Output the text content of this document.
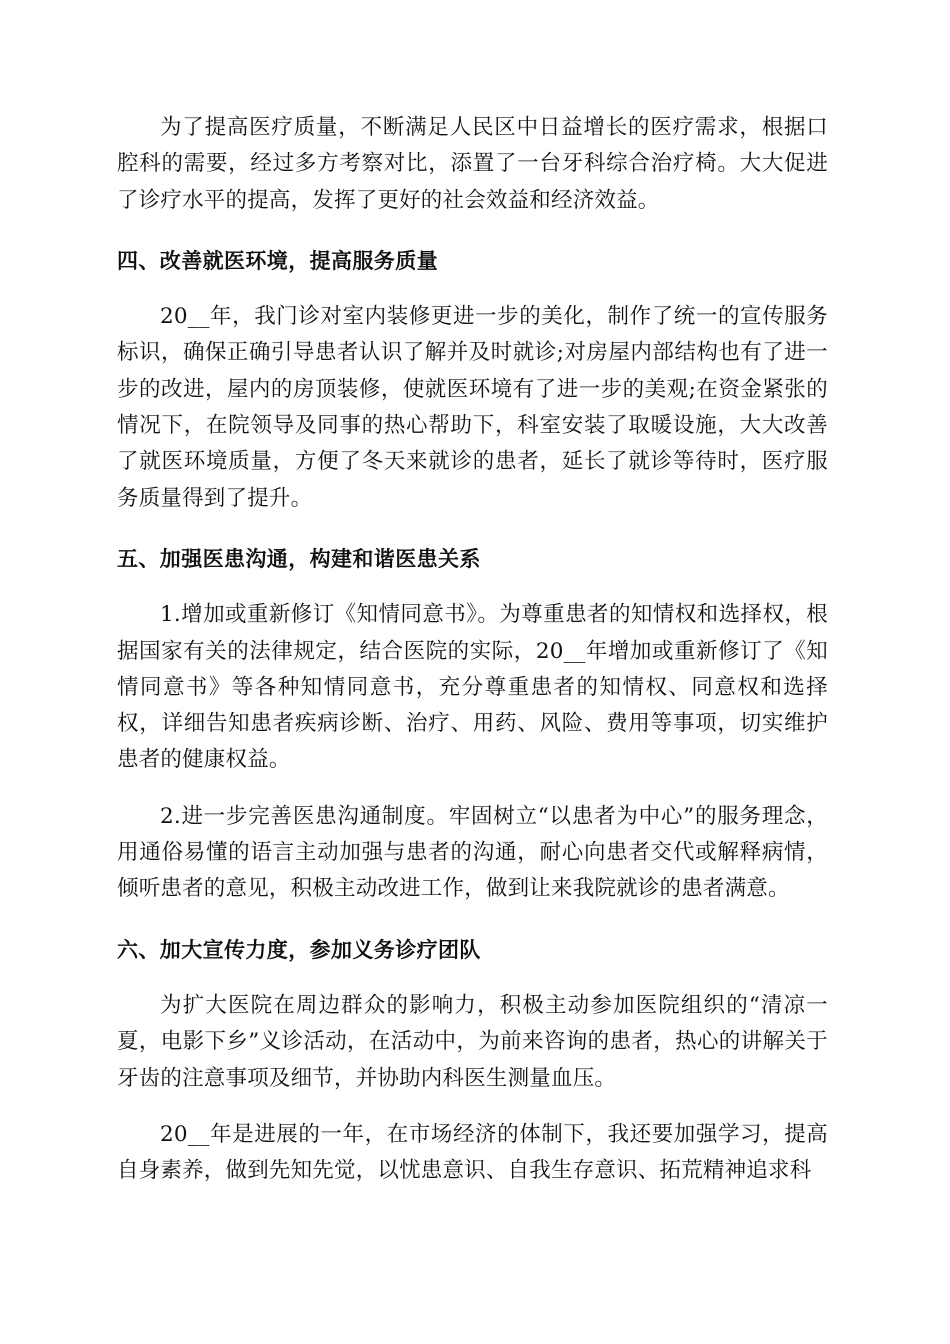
为了提高医疗质量，不断满足人民区中日益增长的医疗需求，根据口腔科的需要，经过多方考察对比，添置了一台牙科综合治疗椅。大大促进了诊疗水平的提高，发挥了更好的社会效益和经济效益。

四、改善就医环境，提高服务质量

20__年，我门诊对室内装修更进一步的美化，制作了统一的宣传服务标识，确保正确引导患者认识了解并及时就诊;对房屋内部结构也有了进一步的改进，屋内的房顶装修，使就医环境有了进一步的美观;在资金紧张的情况下，在院领导及同事的热心帮助下，科室安装了取暖设施，大大改善了就医环境质量，方便了冬天来就诊的患者，延长了就诊等待时，医疗服务质量得到了提升。

五、加强医患沟通，构建和谐医患关系

1.增加或重新修订《知情同意书》。为尊重患者的知情权和选择权，根据国家有关的法律规定，结合医院的实际，20__年增加或重新修订了《知情同意书》等各种知情同意书，充分尊重患者的知情权、同意权和选择权，详细告知患者疾病诊断、治疗、用药、风险、费用等事项，切实维护患者的健康权益。

2.进一步完善医患沟通制度。牢固树立“以患者为中心”的服务理念，用通俗易懂的语言主动加强与患者的沟通，耐心向患者交代或解释病情，倾听患者的意见，积极主动改进工作，做到让来我院就诊的患者满意。

六、加大宣传力度，参加义务诊疗团队

为扩大医院在周边群众的影响力，积极主动参加医院组织的“清凉一夏，电影下乡”义诊活动，在活动中，为前来咨询的患者，热心的讲解关于牙齿的注意事项及细节，并协助内科医生测量血压。

20__年是进展的一年，在市场经济的体制下，我还要加强学习，提高自身素养，做到先知先觉，以忧患意识、自我生存意识、拓荒精神追求科
